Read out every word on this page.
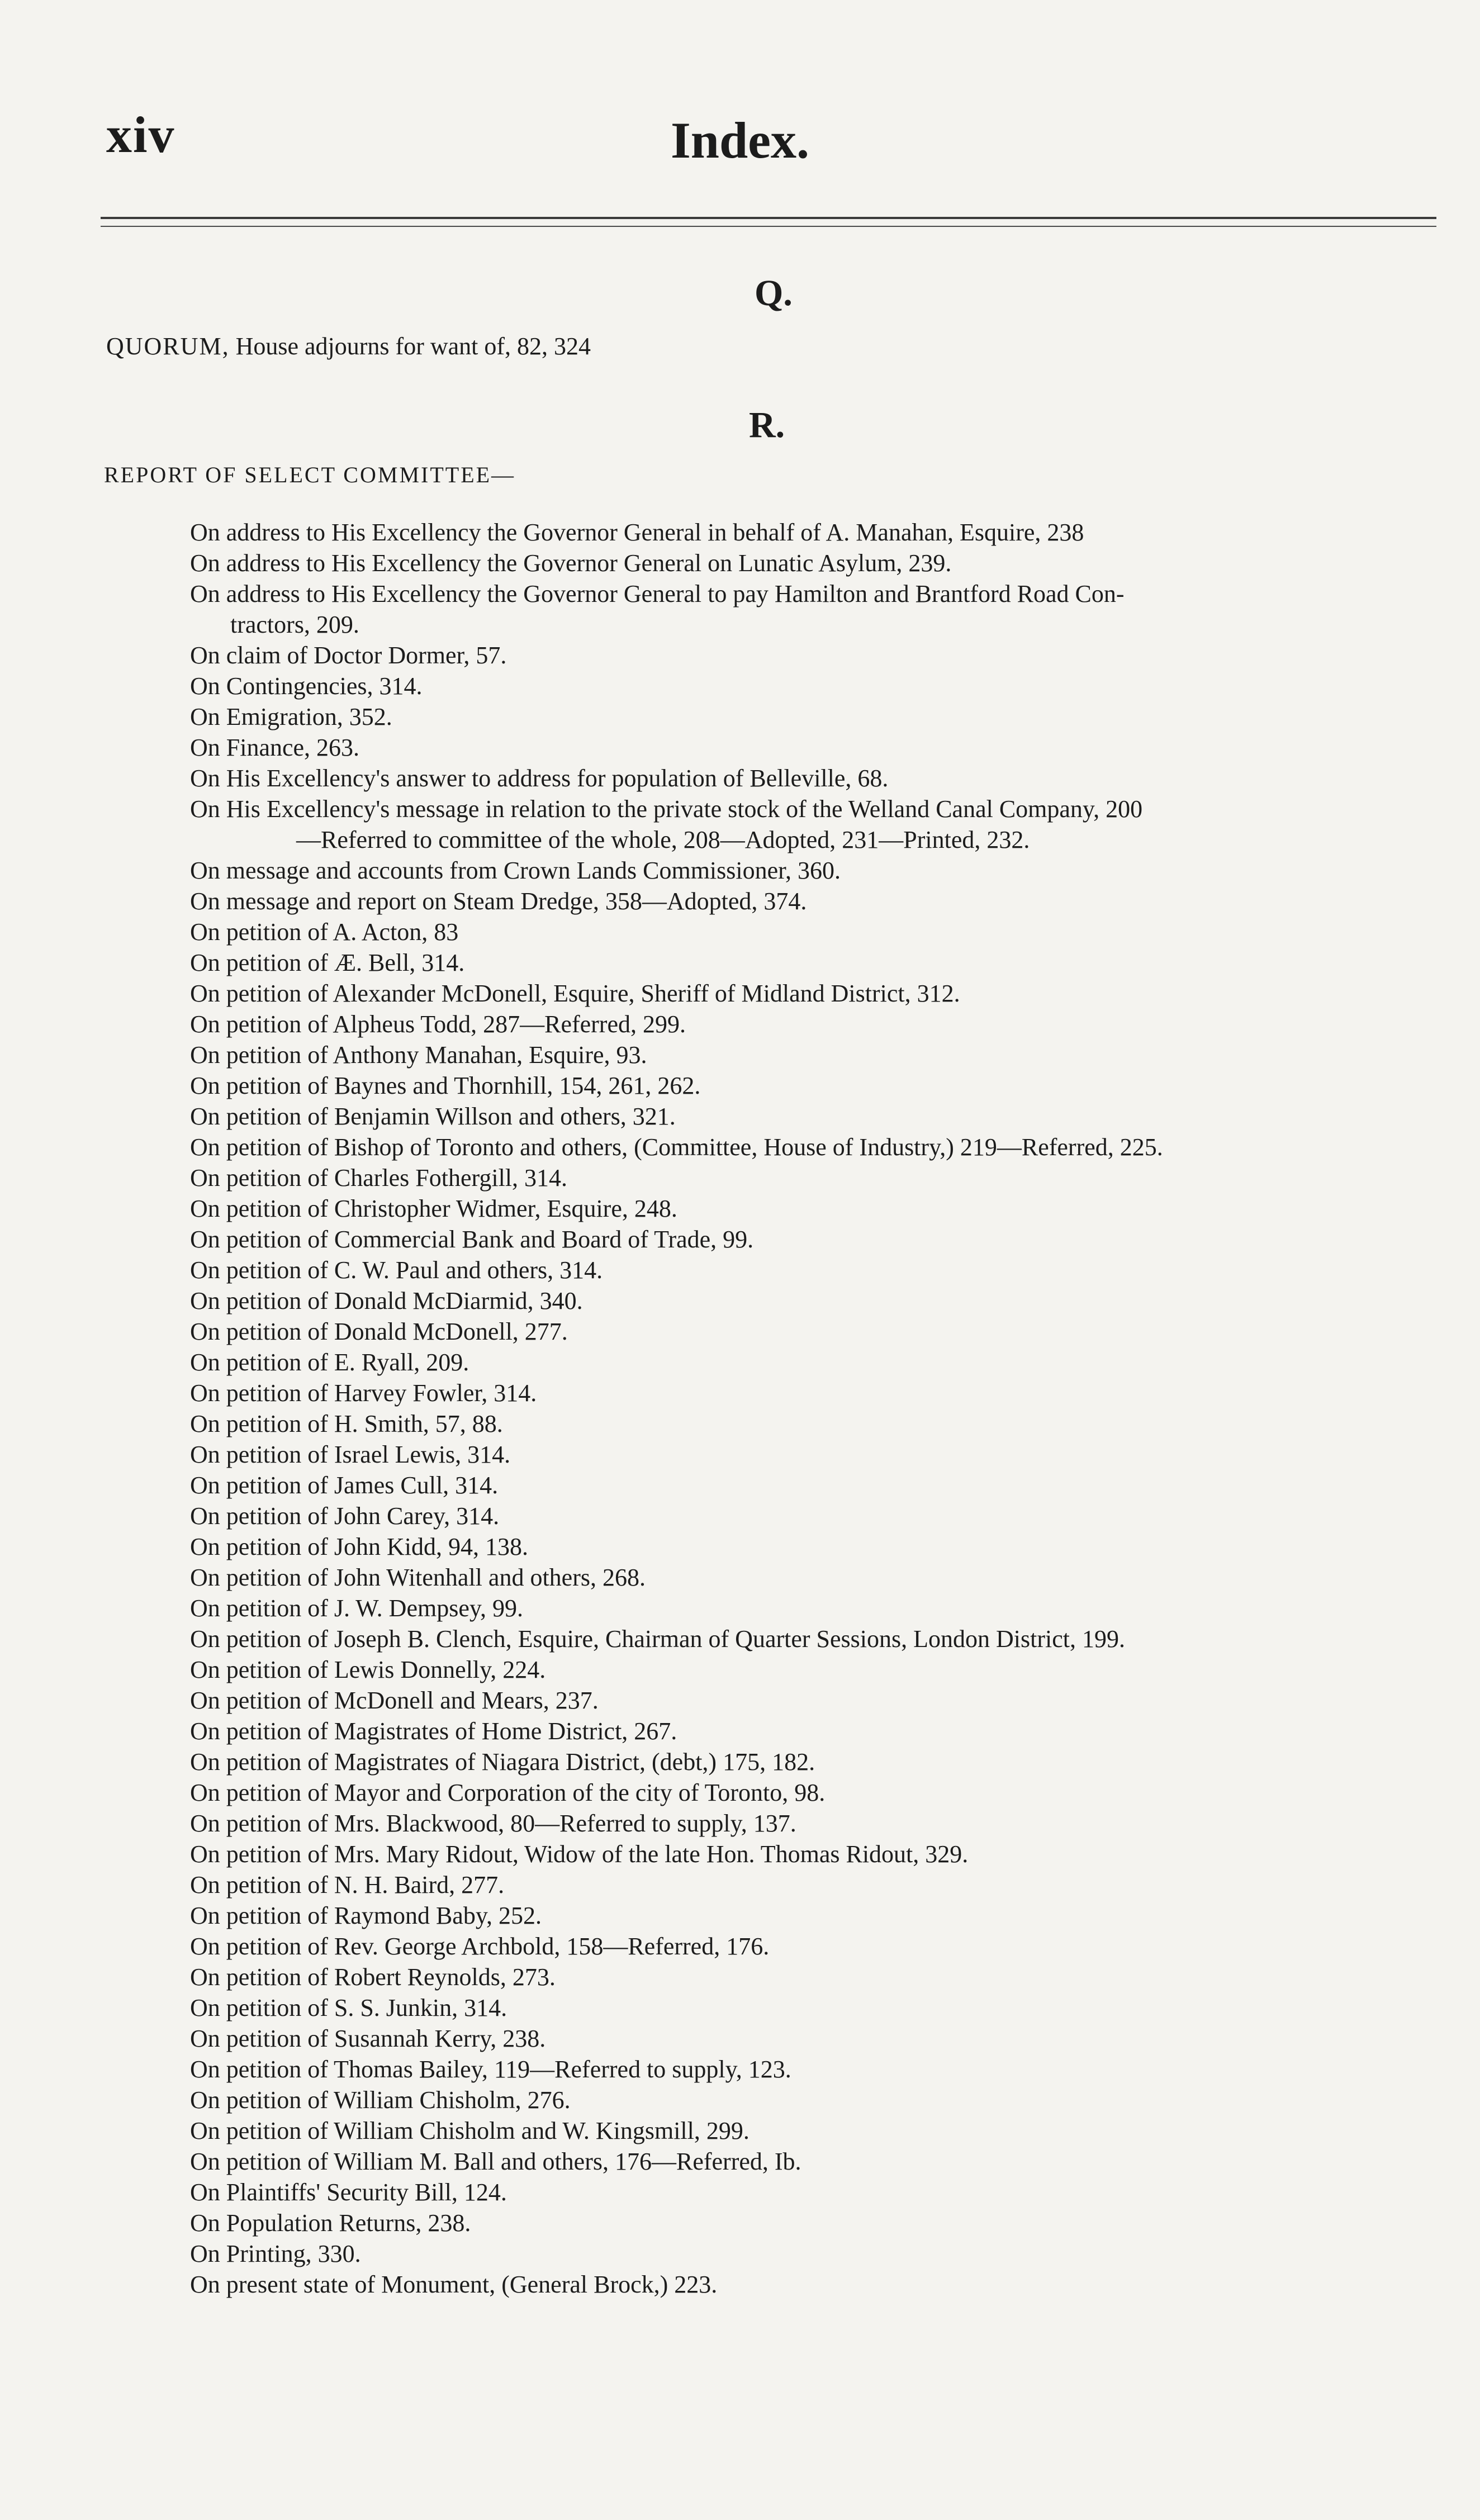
xiv	Index.
Q.
QUORUM, House adjourns for want of, 82, 324
R.
REPORT OF SELECT COMMITTEE—
On address to His Excellency the Governor General in behalf of A. Manahan, Esquire, 238
On address to His Excellency the Governor General on Lunatic Asylum, 239.
On address to His Excellency the Governor General to pay Hamilton and Brantford Road Con-
tractors, 209.
On claim of Doctor Dormer, 57.
On Contingencies, 314.
On Emigration, 352.
On Finance, 263.
On His Excellency's answer to address for population of Belleville, 68.
On His Excellency's message in relation to the private stock of the Welland Canal Company, 200
—Referred to committee of the whole, 208—Adopted, 231—Printed, 232.
On message and accounts from Crown Lands Commissioner, 360.
On message and report on Steam Dredge, 358—Adopted, 374.
On petition of A. Acton, 83
On petition of Æ. Bell, 314.
On petition of Alexander McDonell, Esquire, Sheriff of Midland District, 312.
On petition of Alpheus Todd, 287—Referred, 299.
On petition of Anthony Manahan, Esquire, 93.
On petition of Baynes and Thornhill, 154, 261, 262.
On petition of Benjamin Willson and others, 321.
On petition of Bishop of Toronto and others, (Committee, House of Industry,) 219—Referred, 225.
On petition of Charles Fothergill, 314.
On petition of Christopher Widmer, Esquire, 248.
On petition of Commercial Bank and Board of Trade, 99.
On petition of C. W. Paul and others, 314.
On petition of Donald McDiarmid, 340.
On petition of Donald McDonell, 277.
On petition of E. Ryall, 209.
On petition of Harvey Fowler, 314.
On petition of H. Smith, 57, 88.
On petition of Israel Lewis, 314.
On petition of James Cull, 314.
On petition of John Carey, 314.
On petition of John Kidd, 94, 138.
On petition of John Witenhall and others, 268.
On petition of J. W. Dempsey, 99.
On petition of Joseph B. Clench, Esquire, Chairman of Quarter Sessions, London District, 199.
On petition of Lewis Donnelly, 224.
On petition of McDonell and Mears, 237.
On petition of Magistrates of Home District, 267.
On petition of Magistrates of Niagara District, (debt,) 175, 182.
On petition of Mayor and Corporation of the city of Toronto, 98.
On petition of Mrs. Blackwood, 80—Referred to supply, 137.
On petition of Mrs. Mary Ridout, Widow of the late Hon. Thomas Ridout, 329.
On petition of N. H. Baird, 277.
On petition of Raymond Baby, 252.
On petition of Rev. George Archbold, 158—Referred, 176.
On petition of Robert Reynolds, 273.
On petition of S. S. Junkin, 314.
On petition of Susannah Kerry, 238.
On petition of Thomas Bailey, 119—Referred to supply, 123.
On petition of William Chisholm, 276.
On petition of William Chisholm and W. Kingsmill, 299.
On petition of William M. Ball and others, 176—Referred, Ib.
On Plaintiffs' Security Bill, 124.
On Population Returns, 238.
On Printing, 330.
On present state of Monument, (General Brock,) 223.
